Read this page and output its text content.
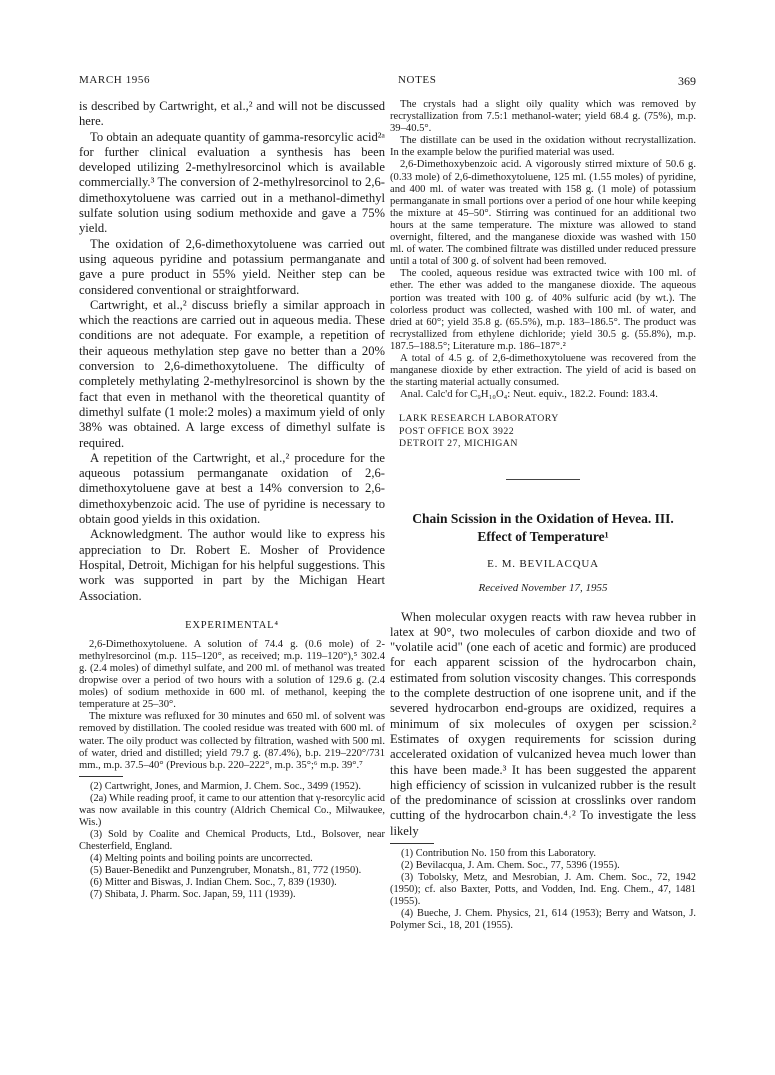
MARCH 1956	NOTES	369

is described by Cartwright, et al.,² and will not be discussed here.

To obtain an adequate quantity of gamma-resorcylic acid²ᵃ for further clinical evaluation a synthesis has been developed utilizing 2-methylresorcinol which is available commercially.³ The conversion of 2-methylresorcinol to 2,6-dimethoxytoluene was carried out in a methanol-dimethyl sulfate solution using sodium methoxide and gave a 75% yield.

The oxidation of 2,6-dimethoxytoluene was carried out using aqueous pyridine and potassium permanganate and gave a pure product in 55% yield. Neither step can be considered conventional or straightforward.

Cartwright, et al.,² discuss briefly a similar approach in which the reactions are carried out in aqueous media. These conditions are not adequate. For example, a repetition of their aqueous methylation step gave no better than a 20% conversion to 2,6-dimethoxytoluene. The difficulty of completely methylating 2-methylresorcinol is shown by the fact that even in methanol with the theoretical quantity of dimethyl sulfate (1 mole:2 moles) a maximum yield of only 38% was obtained. A large excess of dimethyl sulfate is required.

A repetition of the Cartwright, et al.,² procedure for the aqueous potassium permanganate oxidation of 2,6-dimethoxytoluene gave at best a 14% conversion to 2,6-dimethoxybenzoic acid. The use of pyridine is necessary to obtain good yields in this oxidation.

Acknowledgment. The author would like to express his appreciation to Dr. Robert E. Mosher of Providence Hospital, Detroit, Michigan for his helpful suggestions. This work was supported in part by the Michigan Heart Association.

EXPERIMENTAL⁴

2,6-Dimethoxytoluene. A solution of 74.4 g. (0.6 mole) of 2-methylresorcinol (m.p. 115–120°, as received; m.p. 119–120°),⁵ 302.4 g. (2.4 moles) of dimethyl sulfate, and 200 ml. of methanol was treated dropwise over a period of two hours with a solution of 129.6 g. (2.4 moles) of sodium methoxide in 600 ml. of methanol, keeping the temperature at 25–30°.

The mixture was refluxed for 30 minutes and 650 ml. of solvent was removed by distillation. The cooled residue was treated with 600 ml. of water. The oily product was collected by filtration, washed with 500 ml. of water, dried and distilled; yield 79.7 g. (87.4%), b.p. 219–220°/731 mm., m.p. 37.5–40° (Previous b.p. 220–222°, m.p. 35°;⁶ m.p. 39°.⁷

(2) Cartwright, Jones, and Marmion, J. Chem. Soc., 3499 (1952).

(2a) While reading proof, it came to our attention that γ-resorcylic acid was now available in this country (Aldrich Chemical Co., Milwaukee, Wis.)

(3) Sold by Coalite and Chemical Products, Ltd., Bolsover, near Chesterfield, England.

(4) Melting points and boiling points are uncorrected.

(5) Bauer-Benedikt and Punzengruber, Monatsh., 81, 772 (1950).

(6) Mitter and Biswas, J. Indian Chem. Soc., 7, 839 (1930).

(7) Shibata, J. Pharm. Soc. Japan, 59, 111 (1939).

The crystals had a slight oily quality which was removed by recrystallization from 7.5:1 methanol-water; yield 68.4 g. (75%), m.p. 39–40.5°.

The distillate can be used in the oxidation without recrystallization. In the example below the purified material was used.

2,6-Dimethoxybenzoic acid. A vigorously stirred mixture of 50.6 g. (0.33 mole) of 2,6-dimethoxytoluene, 125 ml. (1.55 moles) of pyridine, and 400 ml. of water was treated with 158 g. (1 mole) of potassium permanganate in small portions over a period of one hour while keeping the mixture at 45–50°. Stirring was continued for an additional two hours at the same temperature. The mixture was allowed to stand overnight, filtered, and the manganese dioxide was washed with 150 ml. of water. The combined filtrate was distilled under reduced pressure until a total of 300 g. of solvent had been removed.

The cooled, aqueous residue was extracted twice with 100 ml. of ether. The ether was added to the manganese dioxide. The aqueous portion was treated with 100 g. of 40% sulfuric acid (by wt.). The colorless product was collected, washed with 100 ml. of water, and dried at 60°; yield 35.8 g. (65.5%), m.p. 183–186.5°. The product was recrystallized from ethylene dichloride; yield 30.5 g. (55.8%), m.p. 187.5–188.5°; Literature m.p. 186–187°.²

A total of 4.5 g. of 2,6-dimethoxytoluene was recovered from the manganese dioxide by ether extraction. The yield of acid is based on the starting material actually consumed.

Anal. Calc'd for C₉H₁₀O₄: Neut. equiv., 182.2. Found: 183.4.

LARK RESEARCH LABORATORY
POST OFFICE BOX 3922
DETROIT 27, MICHIGAN
Chain Scission in the Oxidation of Hevea. III.
Effect of Temperature¹
E. M. BEVILACQUA
Received November 17, 1955

When molecular oxygen reacts with raw hevea rubber in latex at 90°, two molecules of carbon dioxide and two of "volatile acid" (one each of acetic and formic) are produced for each apparent scission of the hydrocarbon chain, estimated from solution viscosity changes. This corresponds to the complete destruction of one isoprene unit, and if the severed hydrocarbon end-groups are oxidized, requires a minimum of six molecules of oxygen per scission.² Estimates of oxygen requirements for scission during accelerated oxidation of vulcanized hevea much lower than this have been made.³ It has been suggested the apparent high efficiency of scission in vulcanized rubber is the result of the predominance of scission at crosslinks over random cutting of the hydrocarbon chain.⁴˒² To investigate the less likely

(1) Contribution No. 150 from this Laboratory.

(2) Bevilacqua, J. Am. Chem. Soc., 77, 5396 (1955).

(3) Tobolsky, Metz, and Mesrobian, J. Am. Chem. Soc., 72, 1942 (1950); cf. also Baxter, Potts, and Vodden, Ind. Eng. Chem., 47, 1481 (1955).

(4) Bueche, J. Chem. Physics, 21, 614 (1953); Berry and Watson, J. Polymer Sci., 18, 201 (1955).
